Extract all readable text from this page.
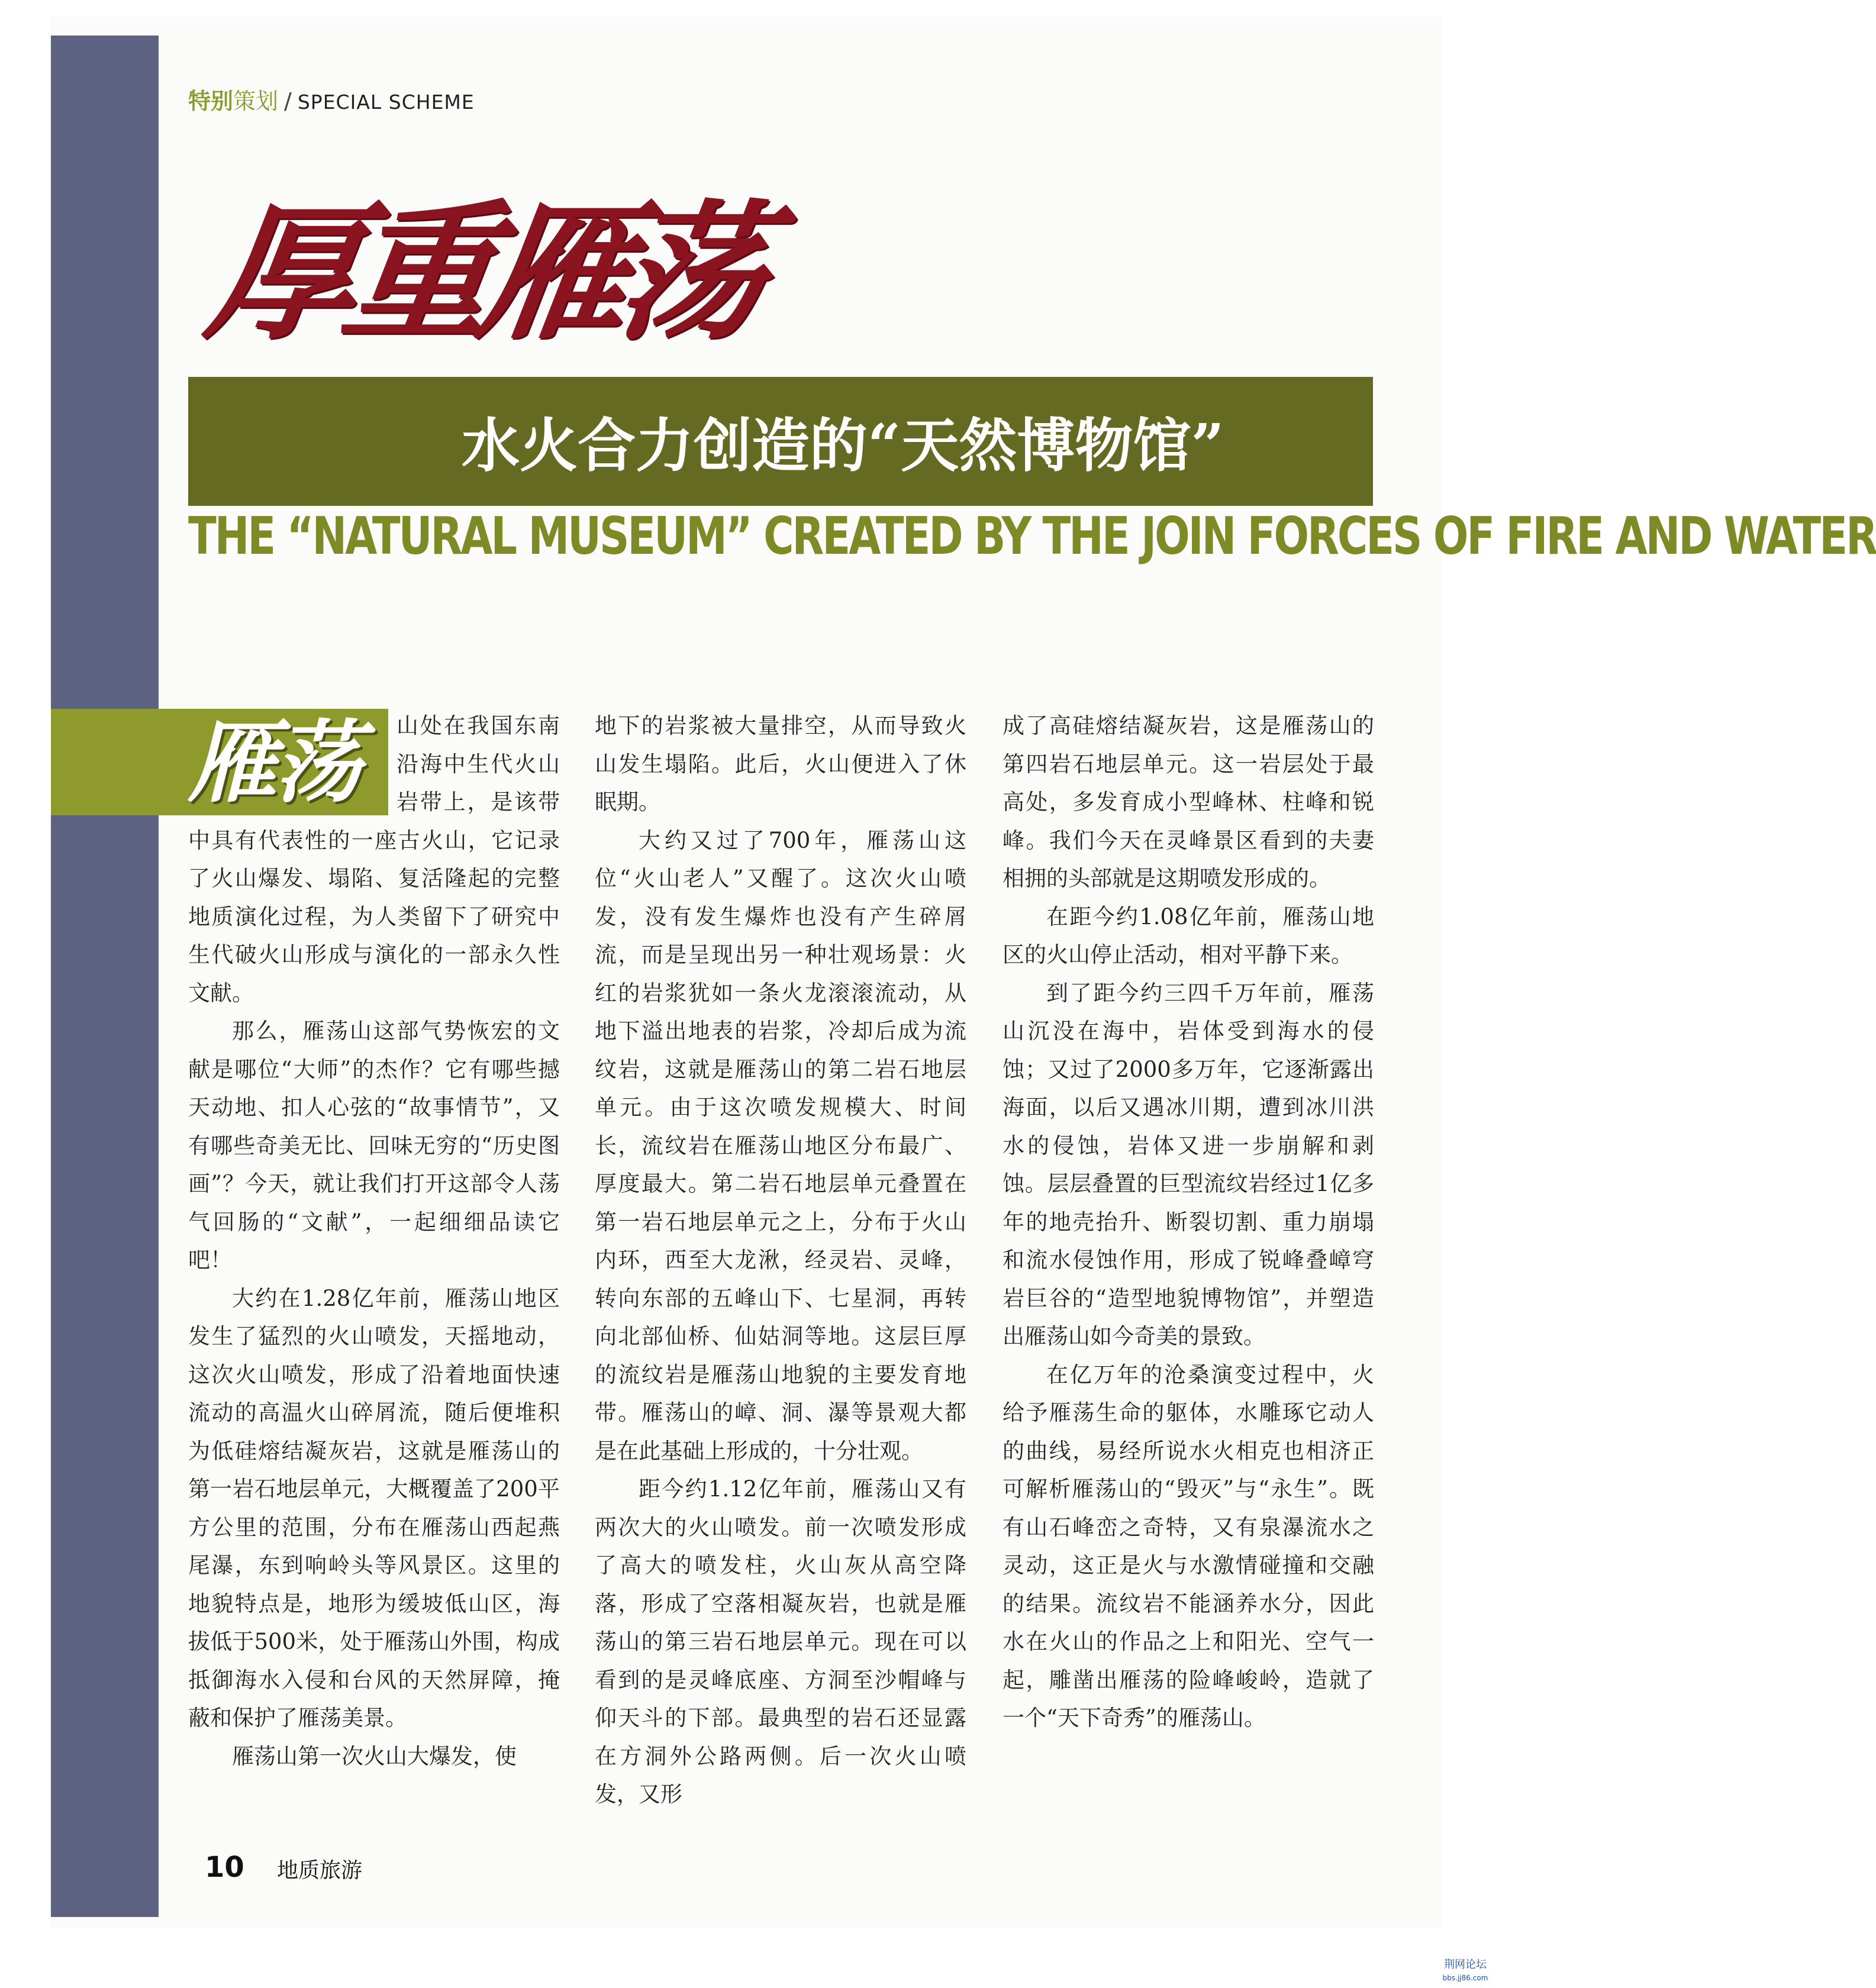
特别策划 / SPECIAL SCHEME
厚重雁荡
水火合力创造的“天然博物馆”
THE “NATURAL MUSEUM” CREATED BY THE JOIN FORCES OF FIRE AND WATER
雁荡	山处在我国东南沿海中生代火山岩带上，是该带中具有代表性的一座古火山，它记录了火山爆发、塌陷、复活隆起的完整地质演化过程，为人类留下了研究中生代破火山形成与演化的一部永久性文献。

那么，雁荡山这部气势恢宏的文献是哪位“大师”的杰作？它有哪些撼天动地、扣人心弦的“故事情节”，又有哪些奇美无比、回味无穷的“历史图画”？今天，就让我们打开这部令人荡气回肠的“文献”，一起细细品读它吧！

大约在1.28亿年前，雁荡山地区发生了猛烈的火山喷发，天摇地动，这次火山喷发，形成了沿着地面快速流动的高温火山碎屑流，随后便堆积为低硅熔结凝灰岩，这就是雁荡山的第一岩石地层单元，大概覆盖了200平方公里的范围，分布在雁荡山西起燕尾瀑，东到响岭头等风景区。这里的地貌特点是，地形为缓坡低山区，海拔低于500米，处于雁荡山外围，构成抵御海水入侵和台风的天然屏障，掩蔽和保护了雁荡美景。

雁荡山第一次火山大爆发，使

地下的岩浆被大量排空，从而导致火山发生塌陷。此后，火山便进入了休眠期。

大约又过了700年，雁荡山这位“火山老人”又醒了。这次火山喷发，没有发生爆炸也没有产生碎屑流，而是呈现出另一种壮观场景：火红的岩浆犹如一条火龙滚滚流动，从地下溢出地表的岩浆，冷却后成为流纹岩，这就是雁荡山的第二岩石地层单元。由于这次喷发规模大、时间长，流纹岩在雁荡山地区分布最广、厚度最大。第二岩石地层单元叠置在第一岩石地层单元之上，分布于火山内环，西至大龙湫，经灵岩、灵峰，转向东部的五峰山下、七星洞，再转向北部仙桥、仙姑洞等地。这层巨厚的流纹岩是雁荡山地貌的主要发育地带。雁荡山的嶂、洞、瀑等景观大都是在此基础上形成的，十分壮观。

距今约1.12亿年前，雁荡山又有两次大的火山喷发。前一次喷发形成了高大的喷发柱，火山灰从高空降落，形成了空落相凝灰岩，也就是雁荡山的第三岩石地层单元。现在可以看到的是灵峰底座、方洞至沙帽峰与仰天斗的下部。最典型的岩石还显露在方洞外公路两侧。后一次火山喷发，又形

成了高硅熔结凝灰岩，这是雁荡山的第四岩石地层单元。这一岩层处于最高处，多发育成小型峰林、柱峰和锐峰。我们今天在灵峰景区看到的夫妻相拥的头部就是这期喷发形成的。

在距今约1.08亿年前，雁荡山地区的火山停止活动，相对平静下来。

到了距今约三四千万年前，雁荡山沉没在海中，岩体受到海水的侵蚀；又过了2000多万年，它逐渐露出海面，以后又遇冰川期，遭到冰川洪水的侵蚀，岩体又进一步崩解和剥蚀。层层叠置的巨型流纹岩经过1亿多年的地壳抬升、断裂切割、重力崩塌和流水侵蚀作用，形成了锐峰叠嶂穹岩巨谷的“造型地貌博物馆”，并塑造出雁荡山如今奇美的景致。

在亿万年的沧桑演变过程中，火给予雁荡生命的躯体，水雕琢它动人的曲线，易经所说水火相克也相济正可解析雁荡山的“毁灭”与“永生”。既有山石峰峦之奇特，又有泉瀑流水之灵动，这正是火与水激情碰撞和交融的结果。流纹岩不能涵养水分，因此水在火山的作品之上和阳光、空气一起，雕凿出雁荡的险峰峻岭，造就了一个“天下奇秀”的雁荡山。

10 地质旅游
荆网论坛
bbs.jj86.com
